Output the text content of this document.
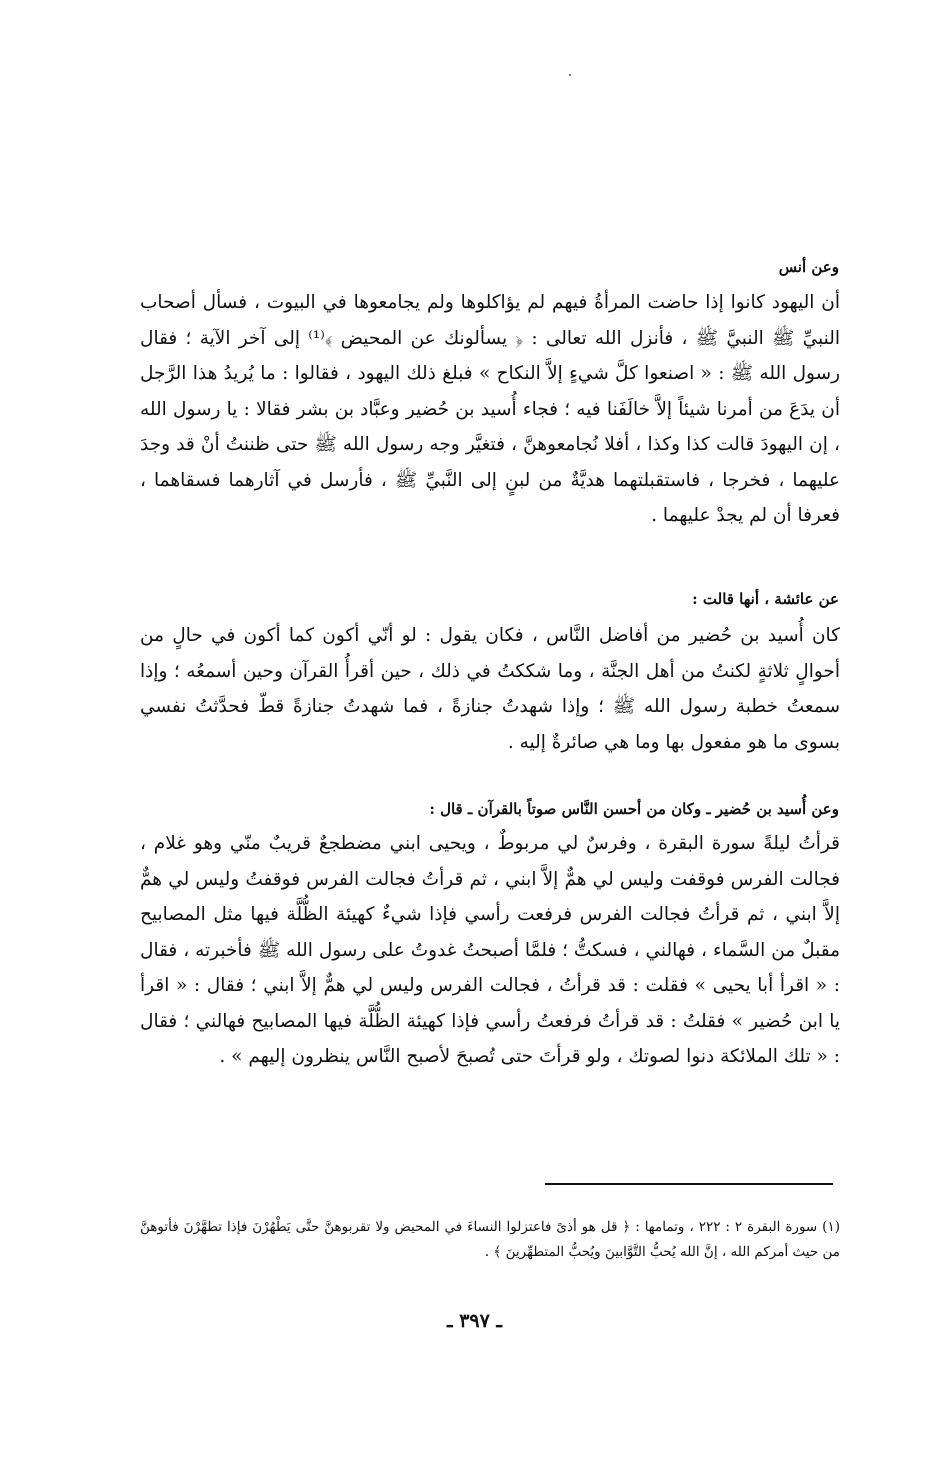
وعن أنس

أن اليهود كانوا إذا حاضت المرأةُ فيهم لم يؤاكلوها ولم يجامعوها في البيوت ، فسأل أصحاب النبيِّ ﷺ النبيَّ ﷺ ، فأنزل الله تعالى : ﴿ يسألونك عن المحيض ﴾⁽¹⁾ إلى آخر الآية ؛ فقال رسول الله ﷺ : « اصنعوا كلَّ شيءٍ إلاَّ النكاح » فبلغ ذلك اليهود ، فقالوا : ما يُريدُ هذا الرَّجل أن يدَعَ من أمرنا شيئاً إلاَّ خالَفَنا فيه ؛ فجاء أُسيد بن حُضير وعبَّاد بن بشر فقالا : يا رسول الله ، إن اليهودَ قالت كذا وكذا ، أفلا نُجامعوهنَّ ، فتغيَّر وجه رسول الله ﷺ حتى ظننتُ أنْ قد وجدَ عليهما ، فخرجا ، فاستقبلتهما هديَّةٌ من لبنٍ إلى النَّبيِّ ﷺ ، فأرسل في آثارهما فسقاهما ، فعرفا أن لم يجدْ عليهما .

عن عائشة ، أنها قالت :

كان أُسيد بن حُضير من أفاضل النَّاس ، فكان يقول : لو أنّي أكون كما أكون في حالٍ من أحوالٍ ثلاثةٍ لكنتُ من أهل الجنَّة ، وما شككتُ في ذلك ، حين أقرأُ القرآن وحين أسمعُه ؛ وإذا سمعتُ خطبة رسول الله ﷺ ؛ وإذا شهدتُ جنازةً ، فما شهدتُ جنازةً قطّ فحدَّثتُ نفسي بسوى ما هو مفعول بها وما هي صائرةٌ إليه .

وعن أُسيد بن حُضير ـ وكان من أحسن النَّاس صوتاً بالقرآن ـ قال :

قرأتُ ليلةً سورة البقرة ، وفرسٌ لي مربوطٌ ، ويحيى ابني مضطجعٌ قريبٌ منّي وهو غلام ، فجالت الفرس فوقفت وليس لي همٌّ إلاَّ ابني ، ثم قرأتُ فجالت الفرس فوقفتُ وليس لي همٌّ إلاَّ ابني ، ثم قرأتُ فجالت الفرس فرفعت رأسي فإذا شيءٌ كهيئة الظُّلَّة فيها مثل المصابيح مقبلٌ من السَّماء ، فهالني ، فسكتُّ ؛ فلمَّا أصبحتُ غدوتُ على رسول الله ﷺ فأخبرته ، فقال : « اقرأ أبا يحيى » فقلت : قد قرأتُ ، فجالت الفرس وليس لي همٌّ إلاَّ ابني ؛ فقال : « اقرأ يا ابن حُضير » فقلتُ : قد قرأتُ فرفعتُ رأسي فإذا كهيئة الظُّلَّة فيها المصابيح فهالني ؛ فقال : « تلك الملائكة دنوا لصوتك ، ولو قرأتَ حتى تُصبحَ لأصبح النَّاس ينظرون إليهم » .

(١) سورة البقرة ٢ : ٢٢٢ ، وتمامها : ﴿ قل هو أذىً فاعتزلوا النساءَ في المحيض ولا تقربوهنَّ حتَّى يَطْهُرْنَ فإذا تطهَّرْنَ فأتوهنَّ من حيث أمركم الله ، إنَّ الله يُحبُّ التَّوَّابينَ ويُحبُّ المتطهِّرينَ ﴾ .

ـ ٣٩٧ ـ
